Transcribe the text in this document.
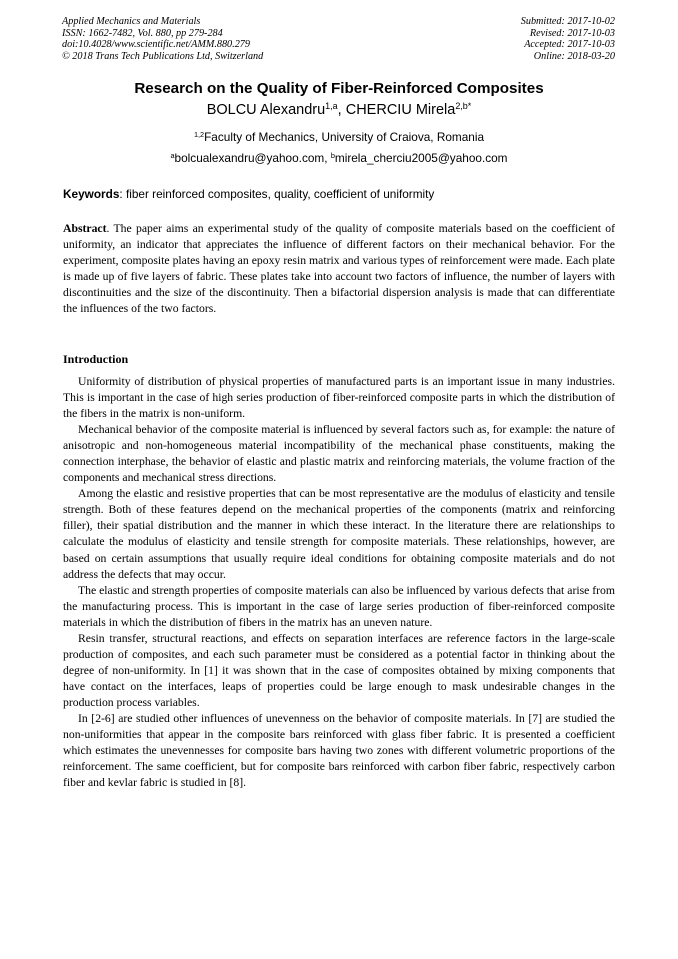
Applied Mechanics and Materials
ISSN: 1662-7482, Vol. 880, pp 279-284
doi:10.4028/www.scientific.net/AMM.880.279
© 2018 Trans Tech Publications Ltd, Switzerland
Submitted: 2017-10-02
Revised: 2017-10-03
Accepted: 2017-10-03
Online: 2018-03-20
Research on the Quality of Fiber-Reinforced Composites
BOLCU Alexandru$^{1,a}$, CHERCIU Mirela$^{2,b*}$
$^{1,2}$Faculty of Mechanics, University of Craiova, Romania
$^a$bolcualexandru@yahoo.com, $^b$mirela_cherciu2005@yahoo.com
Keywords: fiber reinforced composites, quality, coefficient of uniformity

Abstract. The paper aims an experimental study of the quality of composite materials based on the coefficient of uniformity, an indicator that appreciates the influence of different factors on their mechanical behavior. For the experiment, composite plates having an epoxy resin matrix and various types of reinforcement were made. Each plate is made up of five layers of fabric. These plates take into account two factors of influence, the number of layers with discontinuities and the size of the discontinuity. Then a bifactorial dispersion analysis is made that can differentiate the influences of the two factors.

Introduction

Uniformity of distribution of physical properties of manufactured parts is an important issue in many industries. This is important in the case of high series production of fiber-reinforced composite parts in which the distribution of the fibers in the matrix is non-uniform.

Mechanical behavior of the composite material is influenced by several factors such as, for example: the nature of anisotropic and non-homogeneous material incompatibility of the mechanical phase constituents, making the connection interphase, the behavior of elastic and plastic matrix and reinforcing materials, the volume fraction of the components and mechanical stress directions.

Among the elastic and resistive properties that can be most representative are the modulus of elasticity and tensile strength. Both of these features depend on the mechanical properties of the components (matrix and reinforcing filler), their spatial distribution and the manner in which these interact. In the literature there are relationships to calculate the modulus of elasticity and tensile strength for composite materials. These relationships, however, are based on certain assumptions that usually require ideal conditions for obtaining composite materials and do not address the defects that may occur.

The elastic and strength properties of composite materials can also be influenced by various defects that arise from the manufacturing process. This is important in the case of large series production of fiber-reinforced composite materials in which the distribution of fibers in the matrix has an uneven nature.

Resin transfer, structural reactions, and effects on separation interfaces are reference factors in the large-scale production of composites, and each such parameter must be considered as a potential factor in thinking about the degree of non-uniformity. In [1] it was shown that in the case of composites obtained by mixing components that have contact on the interfaces, leaps of properties could be large enough to mask undesirable changes in the production process variables.

In [2-6] are studied other influences of unevenness on the behavior of composite materials. In [7] are studied the non-uniformities that appear in the composite bars reinforced with glass fiber fabric. It is presented a coefficient which estimates the unevennesses for composite bars having two zones with different volumetric proportions of the reinforcement. The same coefficient, but for composite bars reinforced with carbon fiber fabric, respectively carbon fiber and kevlar fabric is studied in [8].
